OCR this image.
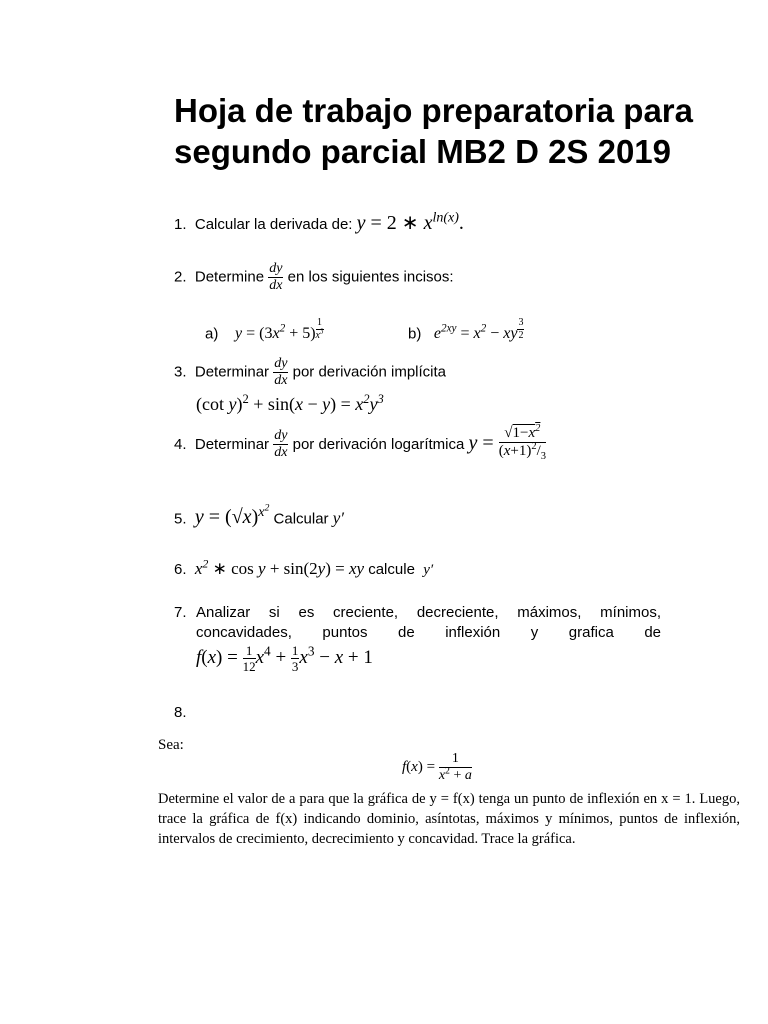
Hoja de trabajo preparatoria para segundo parcial MB2 D 2S 2019
1. Calcular la derivada de: y = 2 ∗ $x^{ln(x)}$.
2. Determine $\frac{dy}{dx}$ en los siguientes incisos:
a) $y = (3x^2 + 5)$ $^{\frac{1}{x^3}}$	b) $e^{2xy} = x^2$ − xy $^{\frac{3}{2}}$
3. Determinar $\frac{dy}{dx}$ por derivación implícita
(cot $y)^2 + \sin(x - y) = x^2y^3$
4. Determinar $\frac{dy}{dx}$ por derivación logarítmica $y = \frac{√1-x^2}{(x+1)^2/_3}$
5. $y = (√x)^{x^2}$ Calcular y′
6. $x^2$ ∗ cos y + sin(2y) = xy calcule y′
7. Analizar si es creciente, decreciente, máximos, mínimos,
concavidades, puntos de inflexión y grafica de
$f(x) = \frac{1}{12} x^4 + \frac{1}{3} x^3 - x + 1$
8.
Sea:
$f(x) = \frac{1}{x^2 + a}$
Determine el valor de a para que la gráfica de y = f(x) tenga un punto de inflexión en x = 1. Luego, trace la gráfica de f(x) indicando dominio, asíntotas, máximos y mínimos, puntos de inflexión, intervalos de crecimiento, decrecimiento y concavidad. Trace la gráfica.
